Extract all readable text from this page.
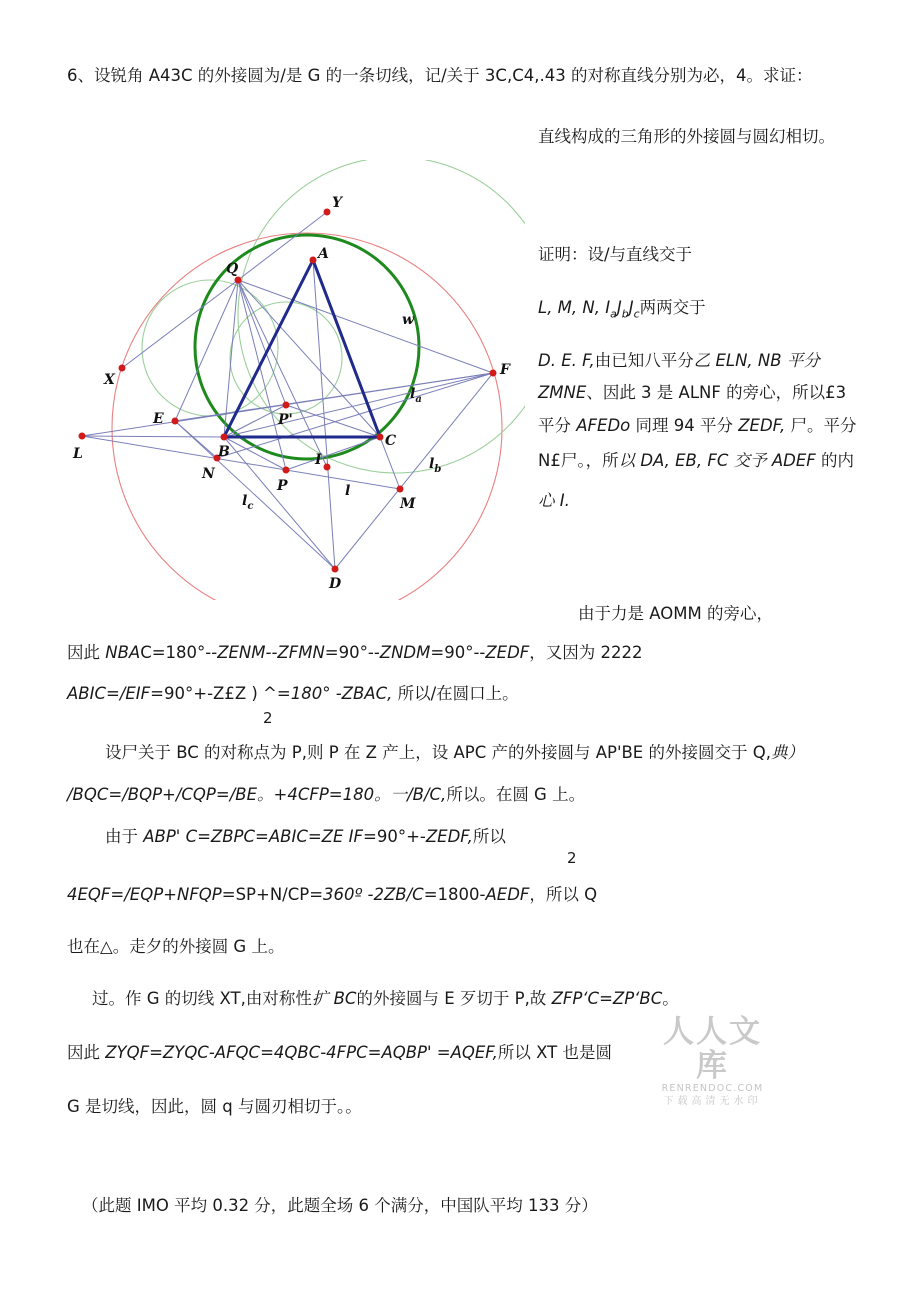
6、设锐角 A43C 的外接圆为/是 G 的一条切线，记/关于 3C,C4,.43 的对称直线分别为必，4。求证：
直线构成的三角形的外接圆与圆幻相切。
Y
A
Q
w
F
X
$l_a$
E	P'
L	B
C
I
N
P	l
$l_b$
M
$l_c$
D
证明：设/与直线交于
L, M, N, $I_aJ_bJ_c$两两交于
D. E. F,由已知八平分乙 ELN, NB 平分
ZMNE、因此 3 是 ALNF 的旁心，所以£3
平分 AFEDo 同理 94 平分 ZEDF, 尸。平分
N£尸。，所以 DA, EB, FC 交予 ADEF 的内
心 I.
由于力是 AOMM 的旁心，
因此 NBAC=180°--ZENM--ZFMN=90°--ZNDM=90°--ZEDF，又因为 2222
ABIC=/EIF=90°+-Z£Z ) ^=180° -ZBAC, 所以/在圆口上。
2
设尸关于 BC 的对称点为 P,则 P 在 Z 产上，设 APC 产的外接圆与 AP'BE 的外接圆交于 Q,典）
/BQC=/BQP+/CQP=/BE。+4CFP=180。一/B/C,所以。在圆 G 上。
由于 ABP' C=ZBPC=ABIC=ZE IF=90°+-ZEDF,所以
2
4EQF=/EQP+NFQP=SP+N/CP=360º -2ZB/C=1800-AEDF，所以 Q
也在△。走夕的外接圆 G 上。
过。作 G 的切线 XT,由对称性扩 BC的外接圆与 E 歹切于 P,故 ZFPʻC=ZPʻBC。
因此 ZYQF=ZYQC-AFQC=4QBC-4FPC=AQBP' =AQEF,所以 XT 也是圆
G 是切线，因此，圆 q 与圆刃相切于。。
（此题 IMO 平均 0.32 分，此题全场 6 个满分，中国队平均 133 分）
人人文库
RENRENDOC.COM
下载高清无水印
